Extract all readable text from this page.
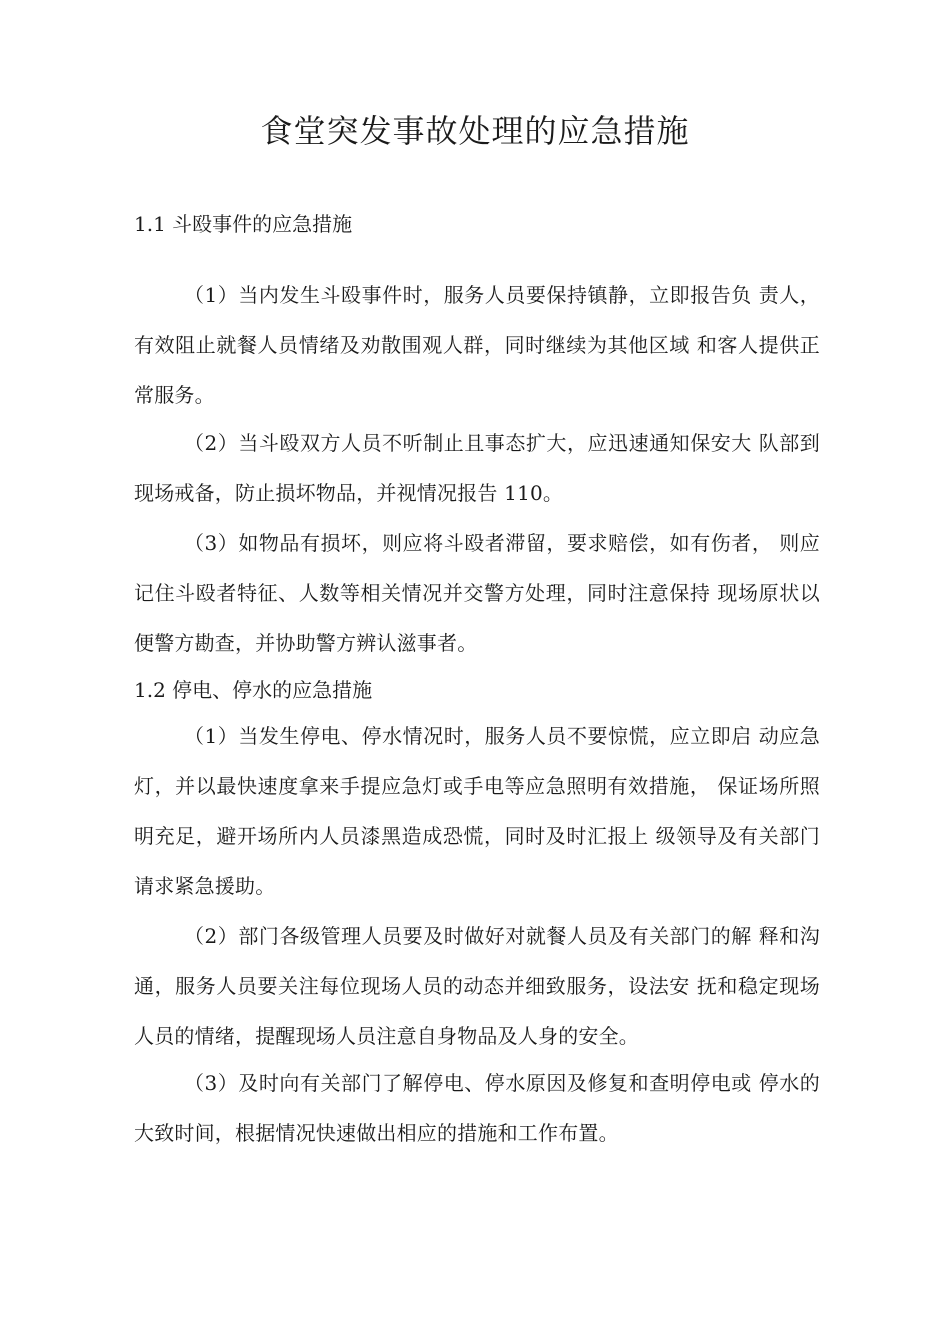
食堂突发事故处理的应急措施
1.1 斗殴事件的应急措施
（1）当内发生斗殴事件时，服务人员要保持镇静，立即报告负 责人，有效阻止就餐人员情绪及劝散围观人群，同时继续为其他区域 和客人提供正常服务。
（2）当斗殴双方人员不听制止且事态扩大，应迅速通知保安大 队部到现场戒备，防止损坏物品，并视情况报告 110。
（3）如物品有损坏，则应将斗殴者滞留，要求赔偿，如有伤者， 则应记住斗殴者特征、人数等相关情况并交警方处理，同时注意保持 现场原状以便警方勘查，并协助警方辨认滋事者。
1.2 停电、停水的应急措施
（1）当发生停电、停水情况时，服务人员不要惊慌，应立即启 动应急灯，并以最快速度拿来手提应急灯或手电等应急照明有效措施， 保证场所照明充足，避开场所内人员漆黑造成恐慌，同时及时汇报上 级领导及有关部门请求紧急援助。
（2）部门各级管理人员要及时做好对就餐人员及有关部门的解 释和沟通，服务人员要关注每位现场人员的动态并细致服务，设法安 抚和稳定现场人员的情绪，提醒现场人员注意自身物品及人身的安全。
（3）及时向有关部门了解停电、停水原因及修复和查明停电或 停水的大致时间，根据情况快速做出相应的措施和工作布置。
